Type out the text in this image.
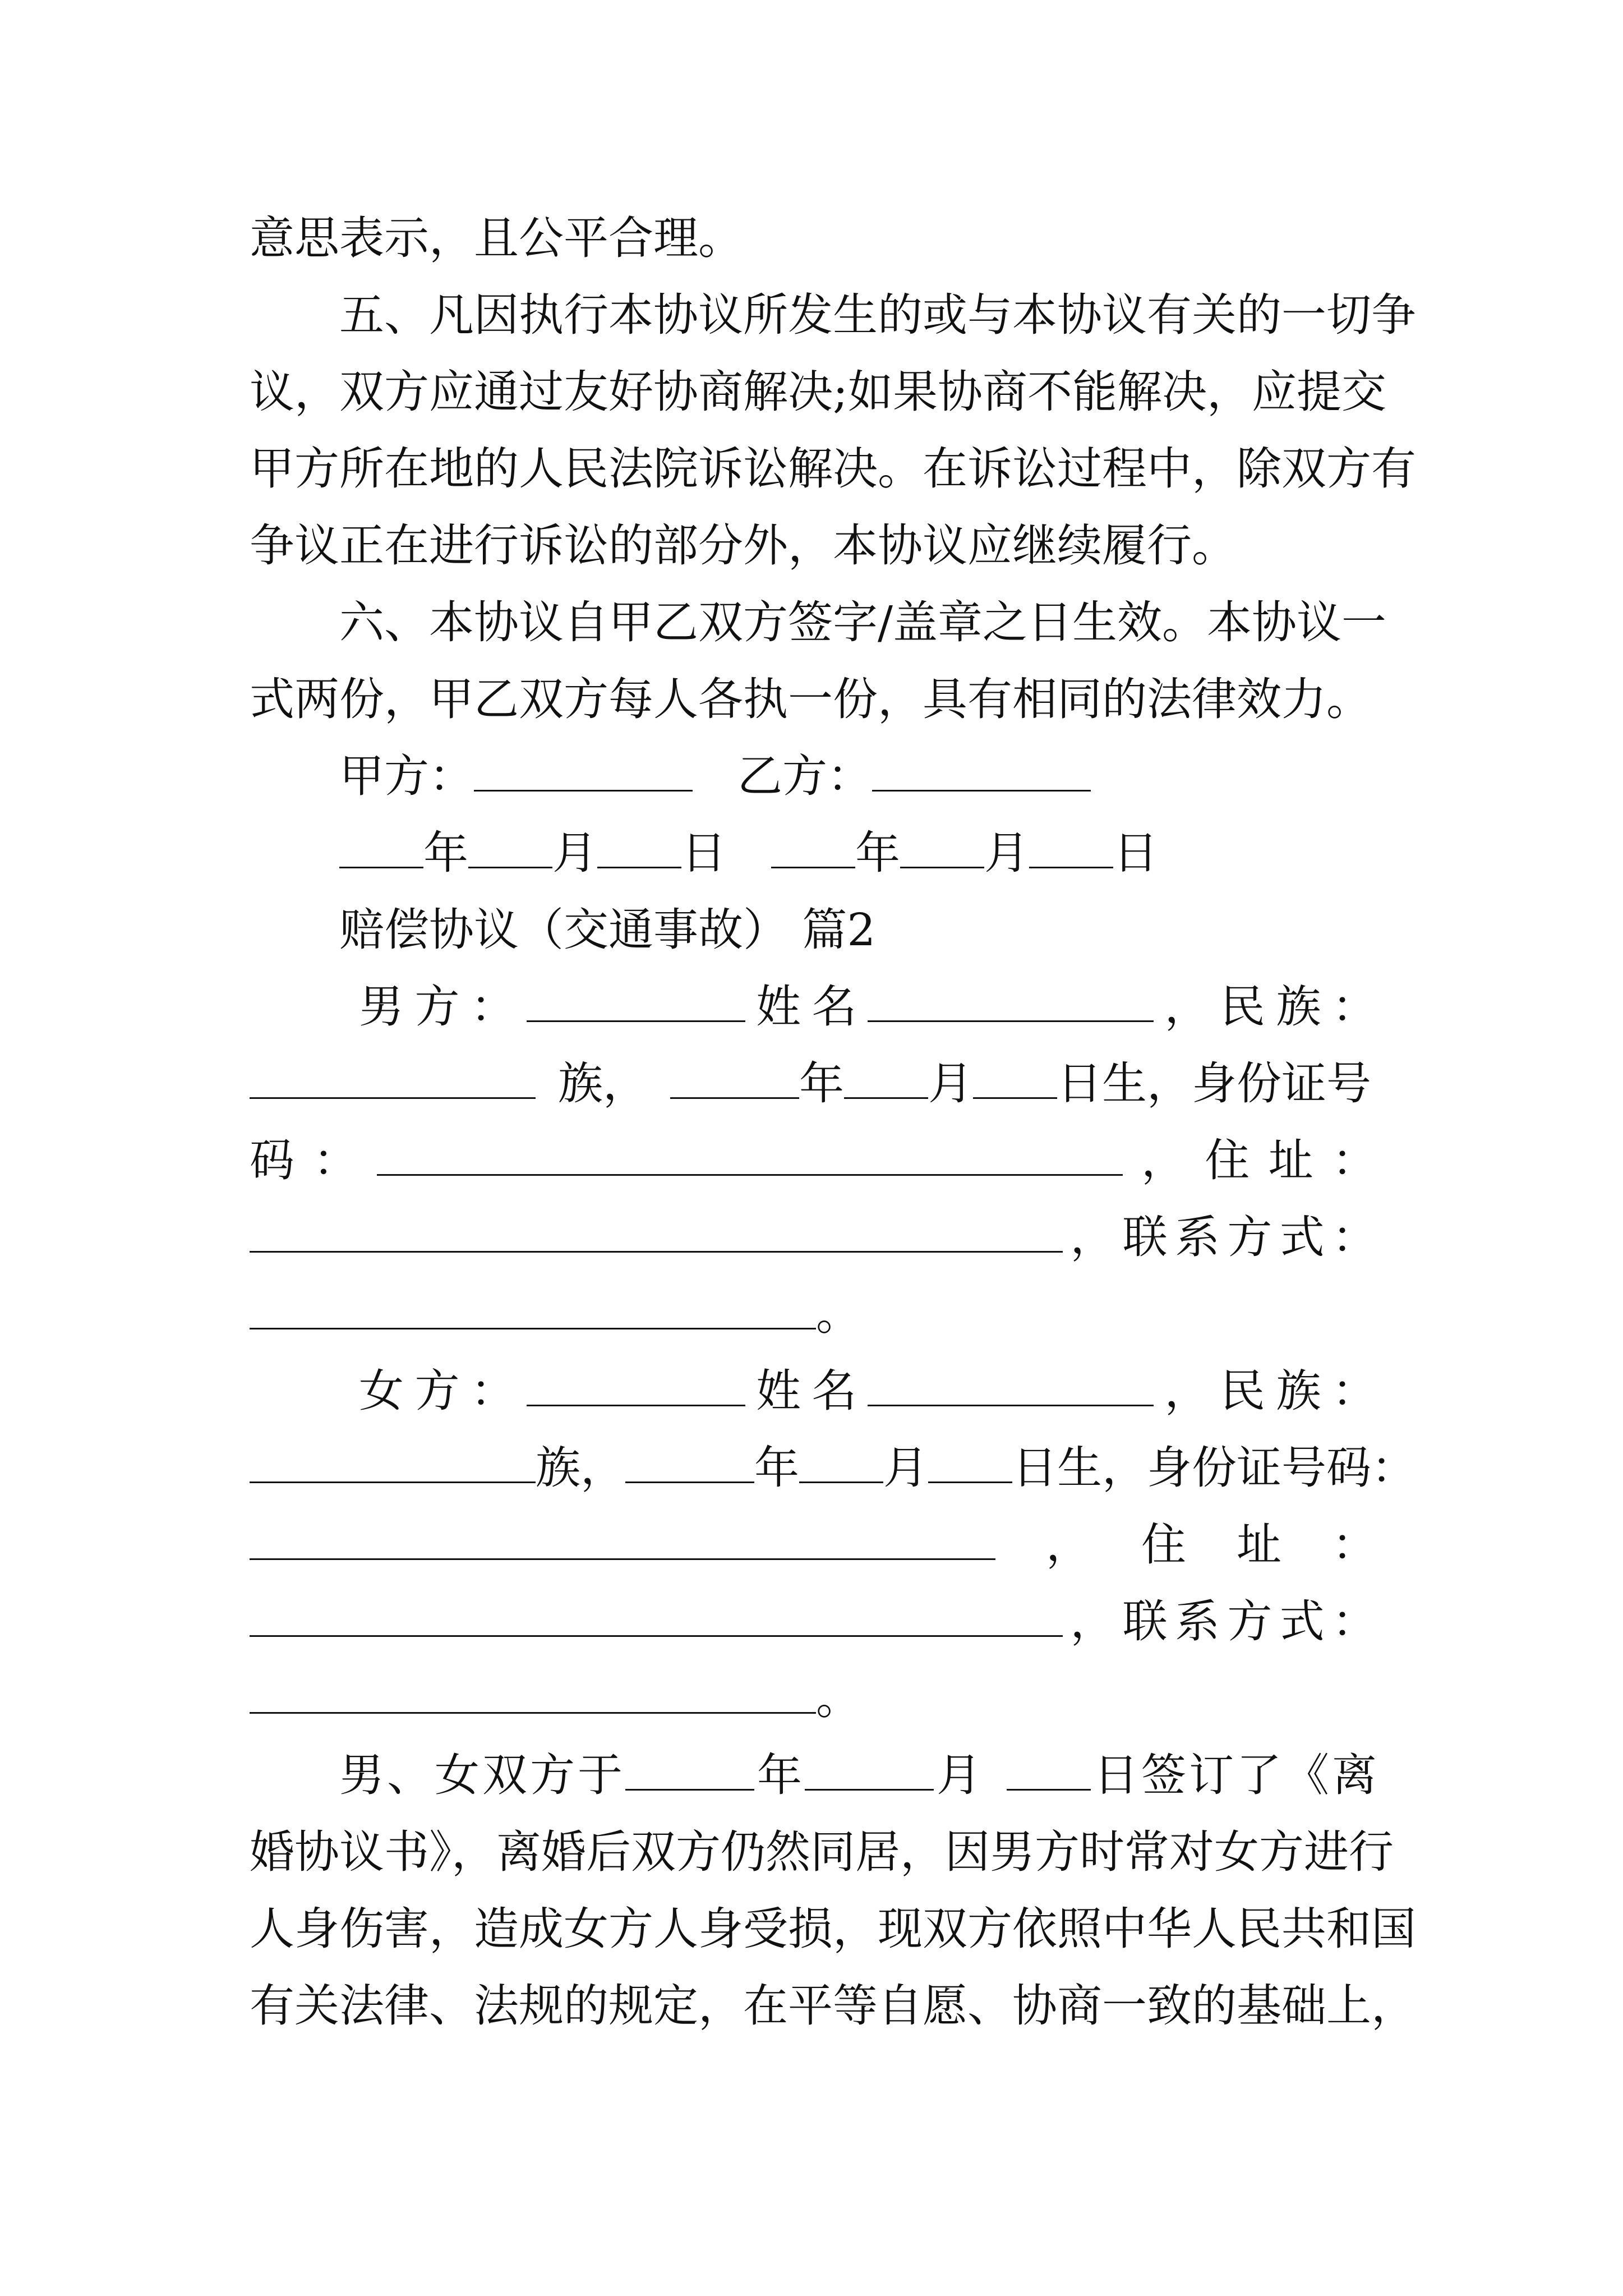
意思表示，且公平合理。
五、凡因执行本协议所发生的或与本协议有关的一切争
议，双方应通过友好协商解决;如果协商不能解决，应提交
甲方所在地的人民法院诉讼解决。在诉讼过程中，除双方有
争议正在进行诉讼的部分外，本协议应继续履行。
六、本协议自甲乙双方签字/盖章之日生效。本协议一
式两份，甲乙双方每人各执一份，具有相同的法律效力。
甲方：	乙方：
年 月 日	年 月 日
赔偿协议（交通事故） 篇2
男方：	姓名	，民族：
族，	年 月 日生，身份证号
码：	，住址：
，联系方式：
。
女方：	姓名	，民族：
族，	年 月 日生，身份证号码：
，住址：
，联系方式：
。
男、女双方于	年	月 日签订了《离
婚协议书》，离婚后双方仍然同居，因男方时常对女方进行
人身伤害，造成女方人身受损，现双方依照中华人民共和国
有关法律、法规的规定，在平等自愿、协商一致的基础上，
